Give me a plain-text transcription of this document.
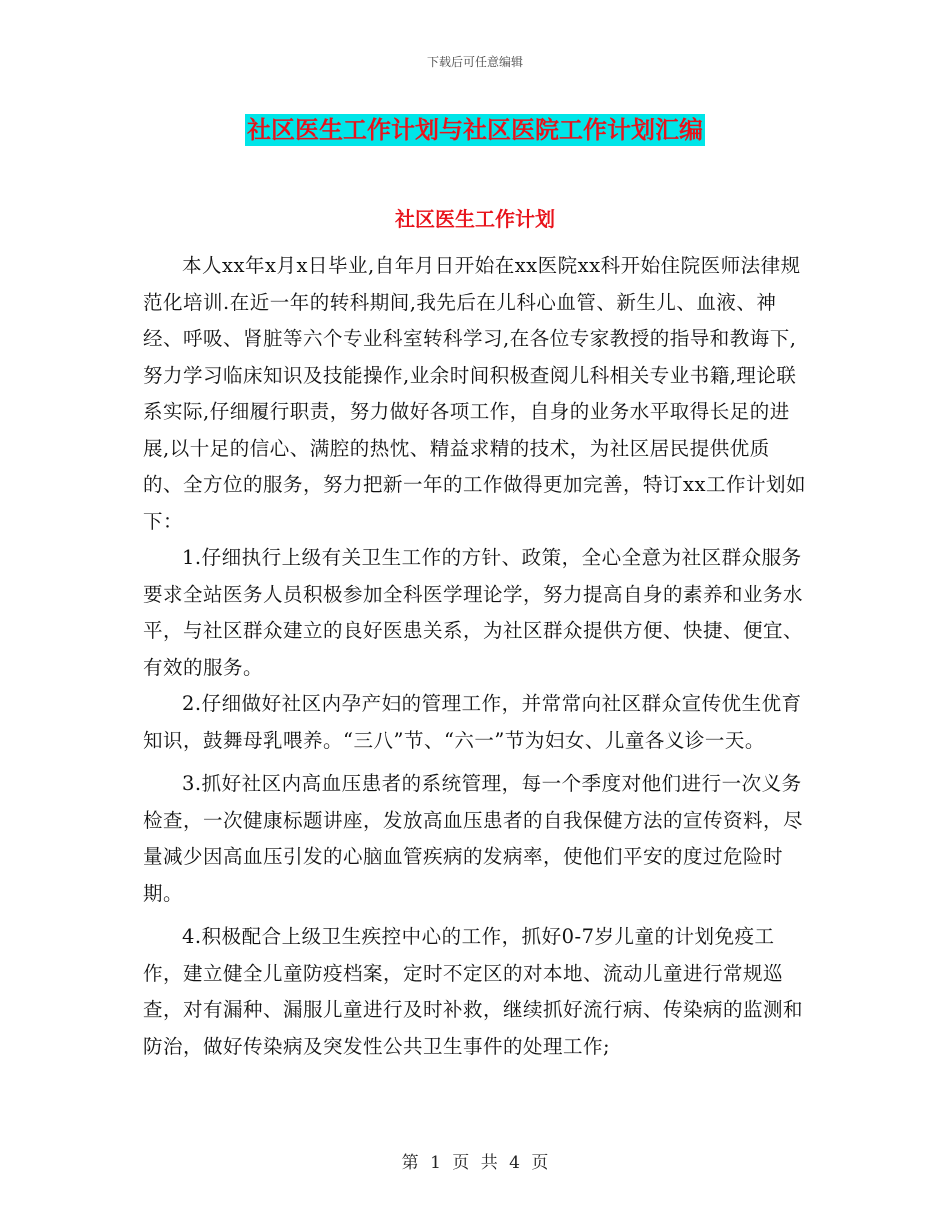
下载后可任意编辑
社区医生工作计划与社区医院工作计划汇编
社区医生工作计划

本人xx年x月x日毕业,自年月日开始在xx医院xx科开始住院医师法律规范化培训.在近一年的转科期间,我先后在儿科心血管、新生儿、血液、神经、呼吸、肾脏等六个专业科室转科学习,在各位专家教授的指导和教诲下,努力学习临床知识及技能操作,业余时间积极查阅儿科相关专业书籍,理论联系实际,仔细履行职责，努力做好各项工作，自身的业务水平取得长足的进展,以十足的信心、满腔的热忱、精益求精的技术，为社区居民提供优质的、全方位的服务，努力把新一年的工作做得更加完善，特订xx工作计划如下：

1.仔细执行上级有关卫生工作的方针、政策，全心全意为社区群众服务要求全站医务人员积极参加全科医学理论学，努力提高自身的素养和业务水平，与社区群众建立的良好医患关系，为社区群众提供方便、快捷、便宜、有效的服务。

2.仔细做好社区内孕产妇的管理工作，并常常向社区群众宣传优生优育知识，鼓舞母乳喂养。“三八”节、“六一”节为妇女、儿童各义诊一天。

3.抓好社区内高血压患者的系统管理，每一个季度对他们进行一次义务检查，一次健康标题讲座，发放高血压患者的自我保健方法的宣传资料，尽量减少因高血压引发的心脑血管疾病的发病率，使他们平安的度过危险时期。

4.积极配合上级卫生疾控中心的工作，抓好0-7岁儿童的计划免疫工作，建立健全儿童防疫档案，定时不定区的对本地、流动儿童进行常规巡查，对有漏种、漏服儿童进行及时补救，继续抓好流行病、传染病的监测和防治，做好传染病及突发性公共卫生事件的处理工作;

第 1 页 共 4 页
